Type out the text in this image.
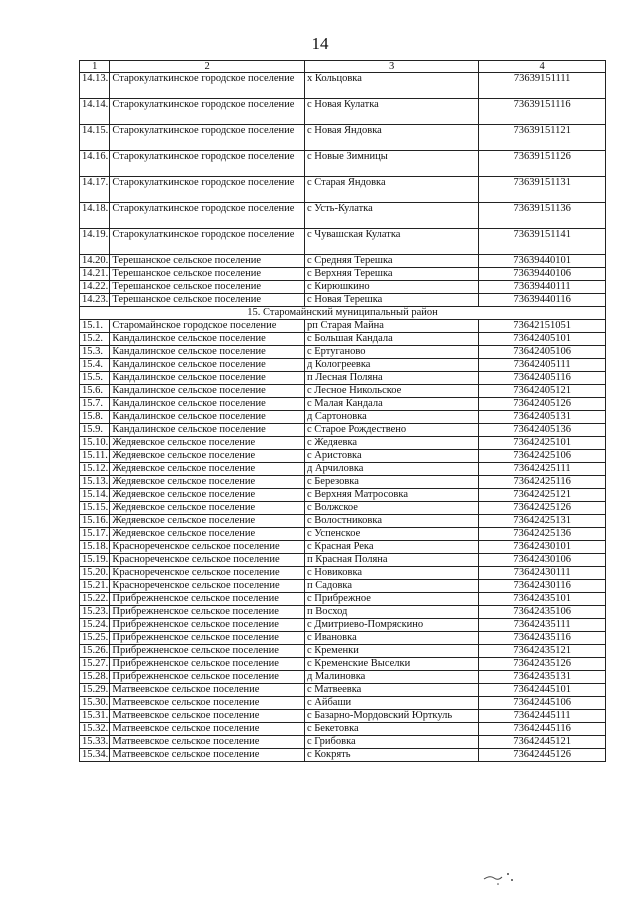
14
1	2	3	4
14.13.	Старокулаткинское городское поселение	х Кольцовка	73639151111
14.14.	Старокулаткинское городское поселение	с Новая Кулатка	73639151116
14.15.	Старокулаткинское городское поселение	с Новая Яндовка	73639151121
14.16.	Старокулаткинское городское поселение	с Новые Зимницы	73639151126
14.17.	Старокулаткинское городское поселение	с Старая Яндовка	73639151131
14.18.	Старокулаткинское городское поселение	с Усть-Кулатка	73639151136
14.19.	Старокулаткинское городское поселение	с Чувашская Кулатка	73639151141
14.20.	Терешанское сельское поселение	с Средняя Терешка	73639440101
14.21.	Терешанское сельское поселение	с Верхняя Терешка	73639440106
14.22.	Терешанское сельское поселение	с Кирюшкино	73639440111
14.23.	Терешанское сельское поселение	с Новая Терешка	73639440116
15. Старомайнский муниципальный район			
15.1.	Старомайнское городское поселение	рп Старая Майна	73642151051
15.2.	Кандалинское сельское поселение	с Большая Кандала	73642405101
15.3.	Кандалинское сельское поселение	с Ертуганово	73642405106
15.4.	Кандалинское сельское поселение	д Кологреевка	73642405111
15.5.	Кандалинское сельское поселение	п Лесная Поляна	73642405116
15.6.	Кандалинское сельское поселение	с Лесное Никольское	73642405121
15.7.	Кандалинское сельское поселение	с Малая Кандала	73642405126
15.8.	Кандалинское сельское поселение	д Сартоновка	73642405131
15.9.	Кандалинское сельское поселение	с Старое Рождествено	73642405136
15.10.	Жедяевское сельское поселение	с Жедяевка	73642425101
15.11.	Жедяевское сельское поселение	с Аристовка	73642425106
15.12.	Жедяевское сельское поселение	д Арчиловка	73642425111
15.13.	Жедяевское сельское поселение	с Березовка	73642425116
15.14.	Жедяевское сельское поселение	с Верхняя Матросовка	73642425121
15.15.	Жедяевское сельское поселение	с Волжское	73642425126
15.16.	Жедяевское сельское поселение	с Волостниковка	73642425131
15.17.	Жедяевское сельское поселение	с Успенское	73642425136
15.18.	Краснореченское сельское поселение	с Красная Река	73642430101
15.19.	Краснореченское сельское поселение	п Красная Поляна	73642430106
15.20.	Краснореченское сельское поселение	с Новиковка	73642430111
15.21.	Краснореченское сельское поселение	п Садовка	73642430116
15.22.	Прибрежненское сельское поселение	с Прибрежное	73642435101
15.23.	Прибрежненское сельское поселение	п Восход	73642435106
15.24.	Прибрежненское сельское поселение	с Дмитриево-Помряскино	73642435111
15.25.	Прибрежненское сельское поселение	с Ивановка	73642435116
15.26.	Прибрежненское сельское поселение	с Кременки	73642435121
15.27.	Прибрежненское сельское поселение	с Кременские Выселки	73642435126
15.28.	Прибрежненское сельское поселение	д Малиновка	73642435131
15.29.	Матвеевское сельское поселение	с Матвеевка	73642445101
15.30.	Матвеевское сельское поселение	с Айбаши	73642445106
15.31.	Матвеевское сельское поселение	с Базарно-Мордовский Юрткуль	73642445111
15.32.	Матвеевское сельское поселение	с Бекетовка	73642445116
15.33.	Матвеевское сельское поселение	с Грибовка	73642445121
15.34.	Матвеевское сельское поселение	с Кокрять	73642445126
